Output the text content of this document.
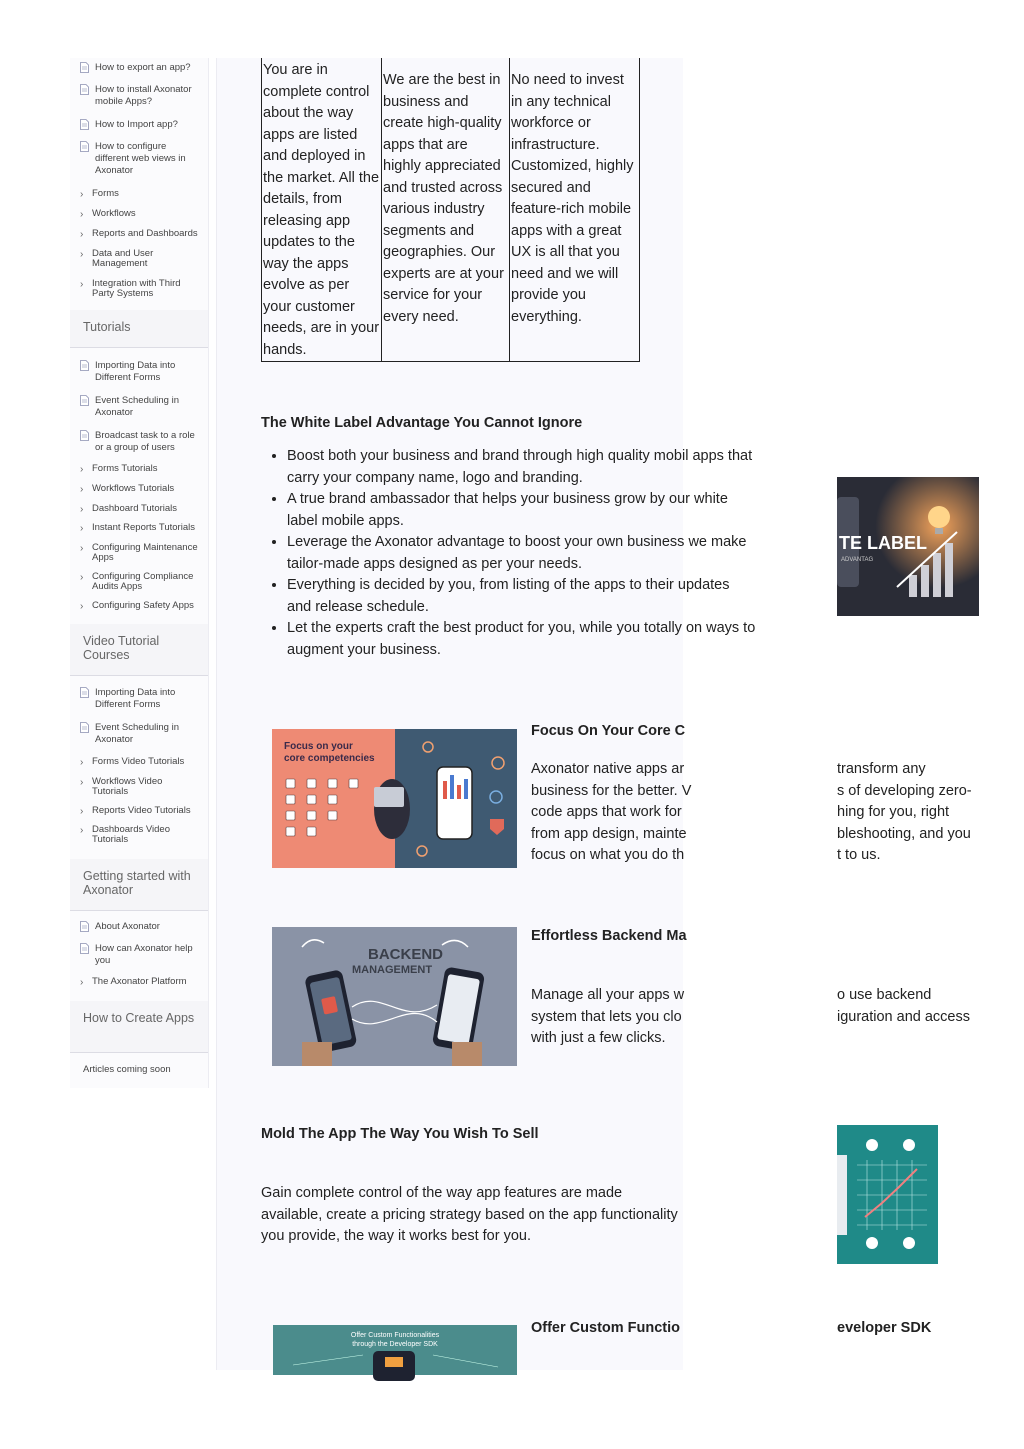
How to export an app?
How to install Axonator mobile Apps?
How to Import app?
How to configure different web views in Axonator
› Forms
› Workflows
› Reports and Dashboards
› Data and User Management
› Integration with Third Party Systems
Tutorials
Importing Data into Different Forms
Event Scheduling in Axonator
Broadcast task to a role or a group of users
› Forms Tutorials
› Workflows Tutorials
› Dashboard Tutorials
› Instant Reports Tutorials
› Configuring Maintenance Apps
› Configuring Compliance Audits Apps
› Configuring Safety Apps
Video Tutorial Courses
Importing Data into Different Forms
Event Scheduling in Axonator
› Forms Video Tutorials
› Workflows Video Tutorials
› Reports Video Tutorials
› Dashboards Video Tutorials
Getting started with Axonator
About Axonator
How can Axonator help you
› The Axonator Platform
How to Create Apps
Articles coming soon
You are in complete control about the way apps are listed and deployed in the market. All the details, from releasing app updates to the way the apps evolve as per your customer needs, are in your hands.	We are the best in business and create high-quality apps that are highly appreciated and trusted across various industry segments and geographies. Our experts are at your service for your every need.	No need to invest in any technical workforce or infrastructure. Customized, highly secured and feature-rich mobile apps with a great UX is all that you need and we will provide you everything.
The White Label Advantage You Cannot Ignore
• Boost both your business and brand through high quality mobil apps that carry your company name, logo and branding.
• A true brand ambassador that helps your business grow by our white label mobile apps.
• Leverage the Axonator advantage to boost your own business we make tailor-made apps designed as per your needs.
• Everything is decided by you, from listing of the apps to their updates and release schedule.
• Let the experts craft the best product for you, while you totally on ways to augment your business.
Focus on your
core competencies
Focus On Your Core C
Axonator native apps ar
business for the better. V
code apps that work for
from app design, mainte
focus on what you do th
BACKEND
MANAGEMENT
Effortless Backend Ma
Manage all your apps w
system that lets you clo
with just a few clicks.
Mold The App The Way You Wish To Sell
Gain complete control of the way app features are made
available, create a pricing strategy based on the app functionality
you provide, the way it works best for you.
Offer Custom Functionalities
through the Developer SDK
Offer Custom Functio
TE LABEL
ADVANTAG
transform any
s of developing zero-
hing for you, right
bleshooting, and you
t to us.
o use backend
iguration and access
eveloper SDK
